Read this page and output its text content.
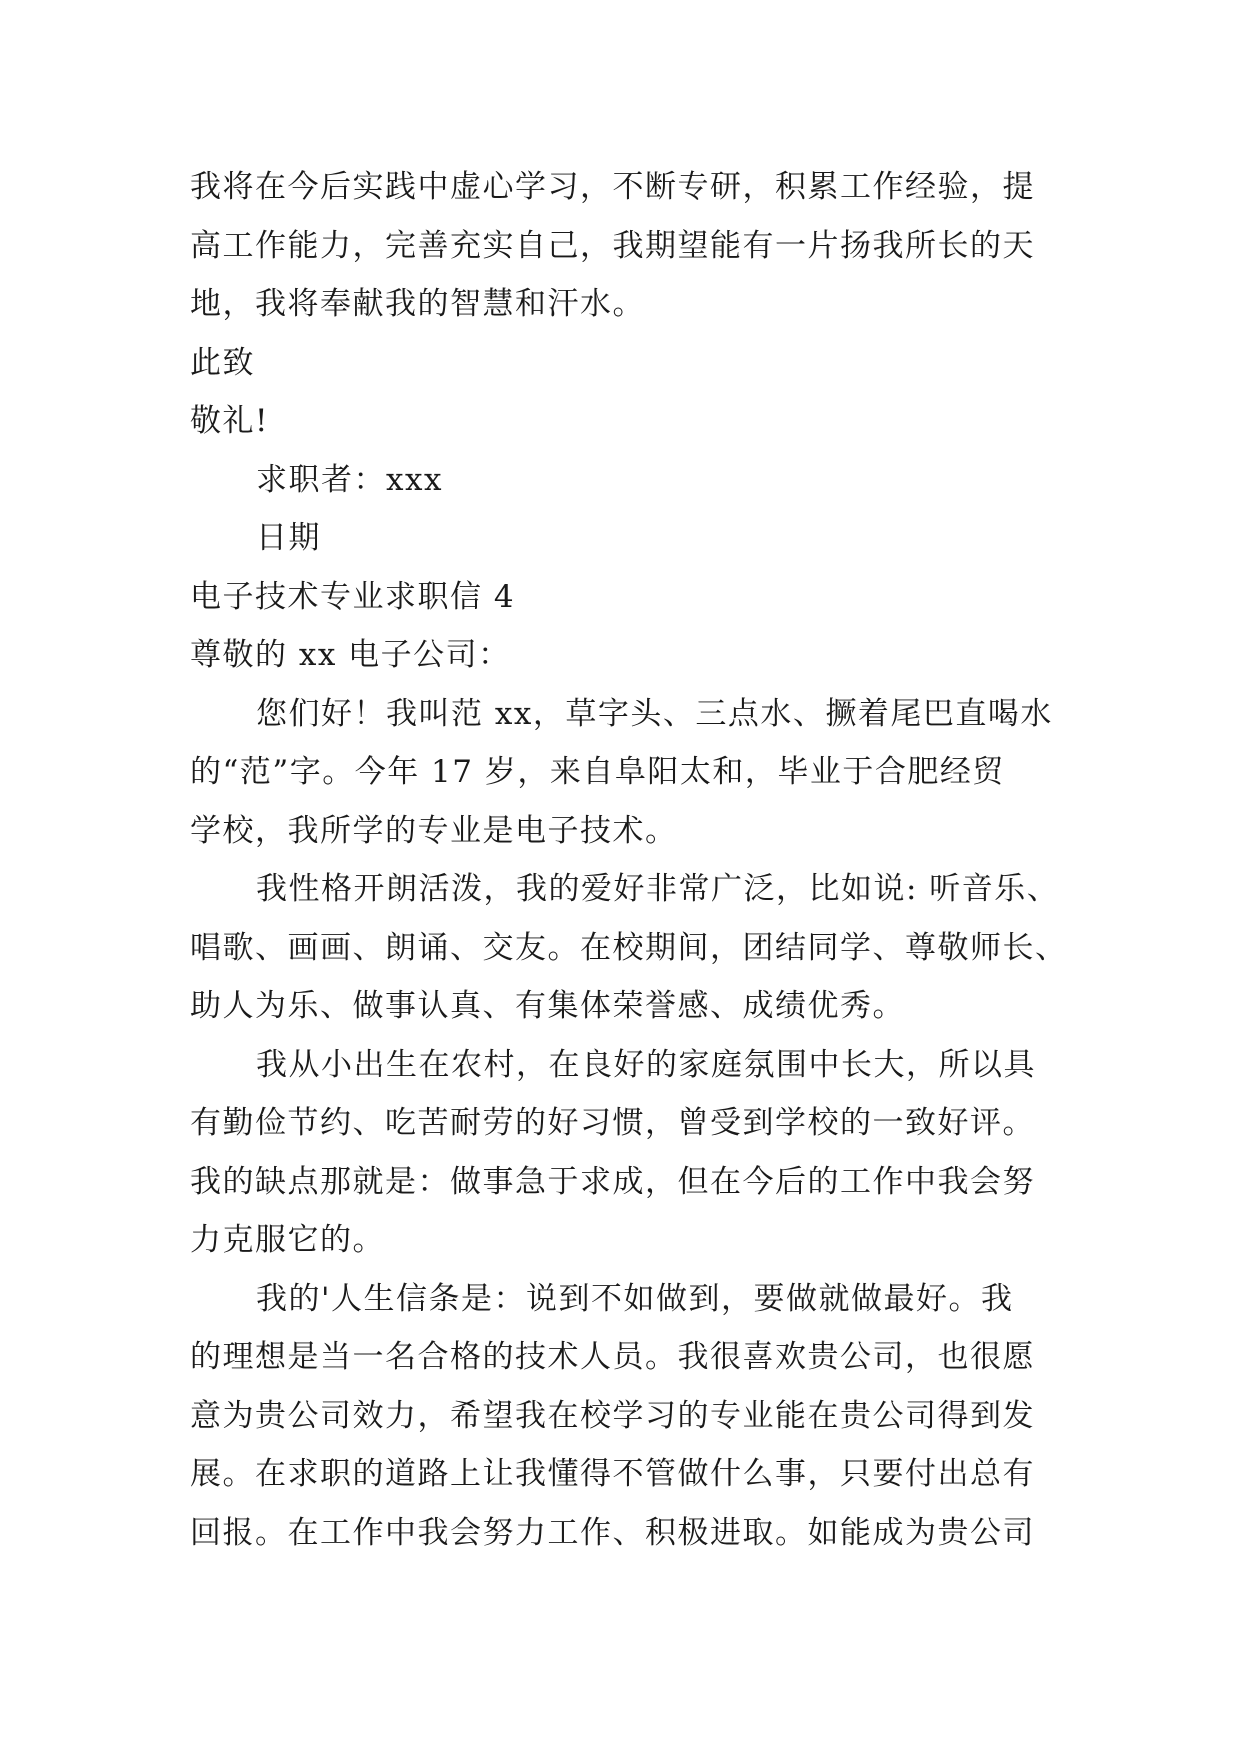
我将在今后实践中虚心学习，不断专研，积累工作经验，提
高工作能力，完善充实自己，我期望能有一片扬我所长的天
地，我将奉献我的智慧和汗水。
此致
敬礼!
求职者：xxx
日期
电子技术专业求职信 4
尊敬的 xx 电子公司：
您们好！我叫范 xx，草字头、三点水、撅着尾巴直喝水
的“范”字。今年 17 岁，来自阜阳太和，毕业于合肥经贸
学校，我所学的专业是电子技术。
我性格开朗活泼，我的爱好非常广泛，比如说: 听音乐、
唱歌、画画、朗诵、交友。在校期间，团结同学、尊敬师长、
助人为乐、做事认真、有集体荣誉感、成绩优秀。
我从小出生在农村，在良好的家庭氛围中长大，所以具
有勤俭节约、吃苦耐劳的好习惯，曾受到学校的一致好评。
我的缺点那就是：做事急于求成，但在今后的工作中我会努
力克服它的。
我的'人生信条是：说到不如做到，要做就做最好。我
的理想是当一名合格的技术人员。我很喜欢贵公司，也很愿
意为贵公司效力，希望我在校学习的专业能在贵公司得到发
展。在求职的道路上让我懂得不管做什么事，只要付出总有
回报。在工作中我会努力工作、积极进取。如能成为贵公司
